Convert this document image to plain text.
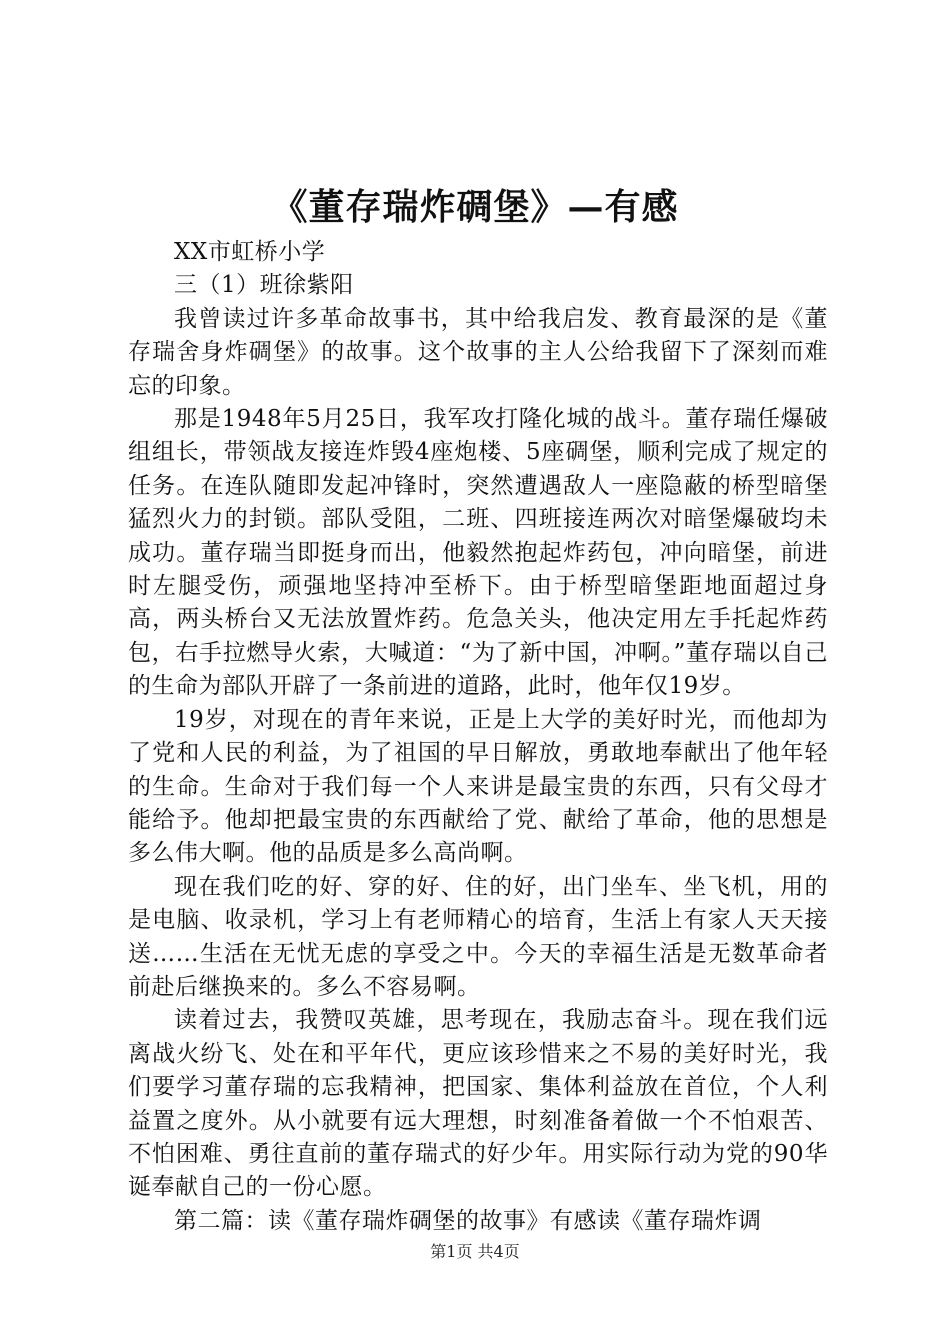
《董存瑞炸碉堡》—有感

XX市虹桥小学

三（1）班徐紫阳

我曾读过许多革命故事书，其中给我启发、教育最深的是《董存瑞舍身炸碉堡》的故事。这个故事的主人公给我留下了深刻而难忘的印象。

那是1948年5月25日，我军攻打隆化城的战斗。董存瑞任爆破组组长，带领战友接连炸毁4座炮楼、5座碉堡，顺利完成了规定的任务。在连队随即发起冲锋时，突然遭遇敌人一座隐蔽的桥型暗堡猛烈火力的封锁。部队受阻，二班、四班接连两次对暗堡爆破均未成功。董存瑞当即挺身而出，他毅然抱起炸药包，冲向暗堡，前进时左腿受伤，顽强地坚持冲至桥下。由于桥型暗堡距地面超过身高，两头桥台又无法放置炸药。危急关头，他决定用左手托起炸药包，右手拉燃导火索，大喊道：“为了新中国，冲啊。”董存瑞以自己的生命为部队开辟了一条前进的道路，此时，他年仅19岁。

19岁，对现在的青年来说，正是上大学的美好时光，而他却为了党和人民的利益，为了祖国的早日解放，勇敢地奉献出了他年轻的生命。生命对于我们每一个人来讲是最宝贵的东西，只有父母才能给予。他却把最宝贵的东西献给了党、献给了革命，他的思想是多么伟大啊。他的品质是多么高尚啊。

现在我们吃的好、穿的好、住的好，出门坐车、坐飞机，用的是电脑、收录机，学习上有老师精心的培育，生活上有家人天天接送……生活在无忧无虑的享受之中。今天的幸福生活是无数革命者前赴后继换来的。多么不容易啊。

读着过去，我赞叹英雄，思考现在，我励志奋斗。现在我们远离战火纷飞、处在和平年代，更应该珍惜来之不易的美好时光，我们要学习董存瑞的忘我精神，把国家、集体利益放在首位，个人利益置之度外。从小就要有远大理想，时刻准备着做一个不怕艰苦、不怕困难、勇往直前的董存瑞式的好少年。用实际行动为党的90华诞奉献自己的一份心愿。

第二篇：读《董存瑞炸碉堡的故事》有感读《董存瑞炸调

第1页 共4页
